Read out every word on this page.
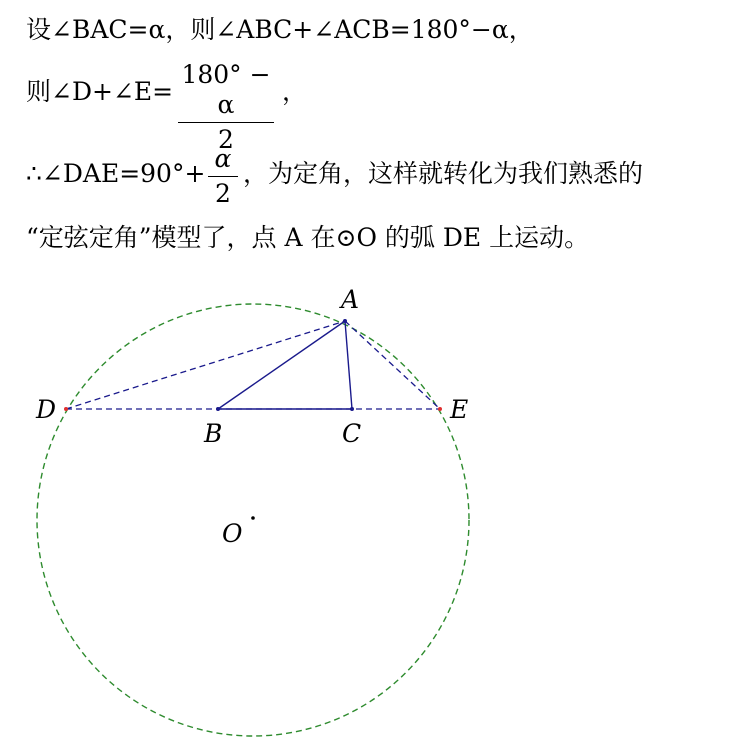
设∠BAC=α，则∠ABC+∠ACB=180°−α，
则∠D+∠E=
180° − α
2
，
∴∠DAE=90°+
α
2
，为定角，这样就转化为我们熟悉的
“定弦定角”模型了，点 A 在⊙O 的弧 DE 上运动。
A
B	C
D	E
O
